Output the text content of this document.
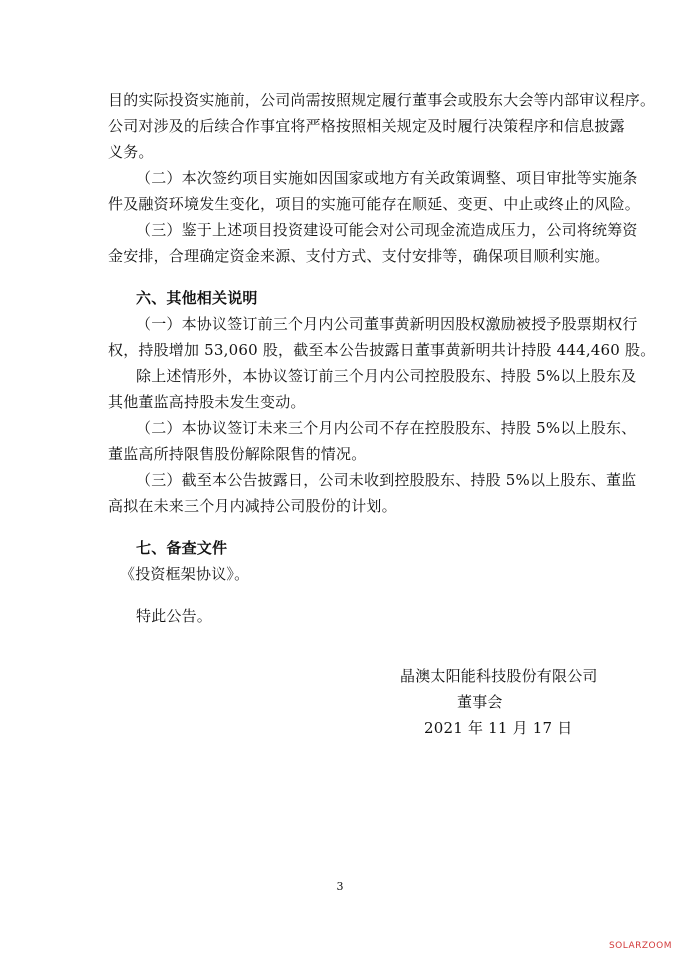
目的实际投资实施前，公司尚需按照规定履行董事会或股东大会等内部审议程序。
公司对涉及的后续合作事宜将严格按照相关规定及时履行决策程序和信息披露
义务。
（二）本次签约项目实施如因国家或地方有关政策调整、项目审批等实施条
件及融资环境发生变化，项目的实施可能存在顺延、变更、中止或终止的风险。
（三）鉴于上述项目投资建设可能会对公司现金流造成压力，公司将统筹资
金安排，合理确定资金来源、支付方式、支付安排等，确保项目顺利实施。
六、其他相关说明
（一）本协议签订前三个月内公司董事黄新明因股权激励被授予股票期权行
权，持股增加 53,060 股，截至本公告披露日董事黄新明共计持股 444,460 股。
除上述情形外，本协议签订前三个月内公司控股股东、持股 5%以上股东及
其他董监高持股未发生变动。
（二）本协议签订未来三个月内公司不存在控股股东、持股 5%以上股东、
董监高所持限售股份解除限售的情况。
（三）截至本公告披露日，公司未收到控股股东、持股 5%以上股东、董监
高拟在未来三个月内减持公司股份的计划。
七、备查文件
《投资框架协议》。
特此公告。
晶澳太阳能科技股份有限公司
董事会
2021 年 11 月 17 日
3
SOLARZOOM
